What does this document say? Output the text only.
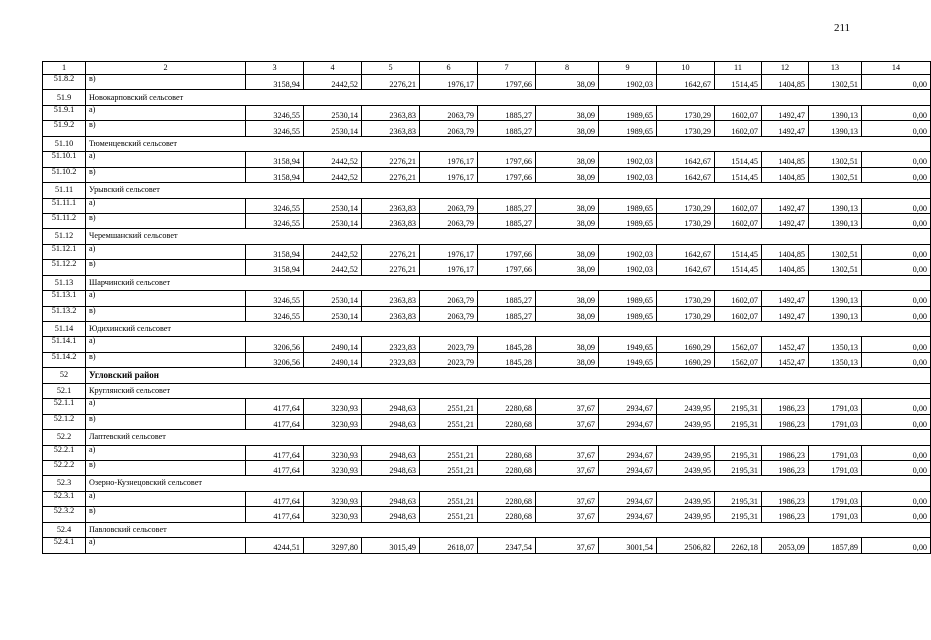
211
1	2	3	4	5	6	7	8	9	10	11	12	13	14
51.8.2	в)	3158,94	2442,52	2276,21	1976,17	1797,66	38,09	1902,03	1642,67	1514,45	1404,85	1302,51	0,00
51.9	Новокарповский сельсовет												
51.9.1	а)	3246,55	2530,14	2363,83	2063,79	1885,27	38,09	1989,65	1730,29	1602,07	1492,47	1390,13	0,00
51.9.2	в)	3246,55	2530,14	2363,83	2063,79	1885,27	38,09	1989,65	1730,29	1602,07	1492,47	1390,13	0,00
51.10	Тюменцевский сельсовет												
51.10.1	а)	3158,94	2442,52	2276,21	1976,17	1797,66	38,09	1902,03	1642,67	1514,45	1404,85	1302,51	0,00
51.10.2	в)	3158,94	2442,52	2276,21	1976,17	1797,66	38,09	1902,03	1642,67	1514,45	1404,85	1302,51	0,00
51.11	Урывский сельсовет												
51.11.1	а)	3246,55	2530,14	2363,83	2063,79	1885,27	38,09	1989,65	1730,29	1602,07	1492,47	1390,13	0,00
51.11.2	в)	3246,55	2530,14	2363,83	2063,79	1885,27	38,09	1989,65	1730,29	1602,07	1492,47	1390,13	0,00
51.12	Черемшанский сельсовет												
51.12.1	а)	3158,94	2442,52	2276,21	1976,17	1797,66	38,09	1902,03	1642,67	1514,45	1404,85	1302,51	0,00
51.12.2	в)	3158,94	2442,52	2276,21	1976,17	1797,66	38,09	1902,03	1642,67	1514,45	1404,85	1302,51	0,00
51.13	Шарчинский сельсовет												
51.13.1	а)	3246,55	2530,14	2363,83	2063,79	1885,27	38,09	1989,65	1730,29	1602,07	1492,47	1390,13	0,00
51.13.2	в)	3246,55	2530,14	2363,83	2063,79	1885,27	38,09	1989,65	1730,29	1602,07	1492,47	1390,13	0,00
51.14	Юдихинский сельсовет												
51.14.1	а)	3206,56	2490,14	2323,83	2023,79	1845,28	38,09	1949,65	1690,29	1562,07	1452,47	1350,13	0,00
51.14.2	в)	3206,56	2490,14	2323,83	2023,79	1845,28	38,09	1949,65	1690,29	1562,07	1452,47	1350,13	0,00
52	Угловский район												
52.1	Круглянский сельсовет												
52.1.1	а)	4177,64	3230,93	2948,63	2551,21	2280,68	37,67	2934,67	2439,95	2195,31	1986,23	1791,03	0,00
52.1.2	в)	4177,64	3230,93	2948,63	2551,21	2280,68	37,67	2934,67	2439,95	2195,31	1986,23	1791,03	0,00
52.2	Лаптевский сельсовет												
52.2.1	а)	4177,64	3230,93	2948,63	2551,21	2280,68	37,67	2934,67	2439,95	2195,31	1986,23	1791,03	0,00
52.2.2	в)	4177,64	3230,93	2948,63	2551,21	2280,68	37,67	2934,67	2439,95	2195,31	1986,23	1791,03	0,00
52.3	Озерно-Кузнецовский сельсовет												
52.3.1	а)	4177,64	3230,93	2948,63	2551,21	2280,68	37,67	2934,67	2439,95	2195,31	1986,23	1791,03	0,00
52.3.2	в)	4177,64	3230,93	2948,63	2551,21	2280,68	37,67	2934,67	2439,95	2195,31	1986,23	1791,03	0,00
52.4	Павловский сельсовет												
52.4.1	а)	4244,51	3297,80	3015,49	2618,07	2347,54	37,67	3001,54	2506,82	2262,18	2053,09	1857,89	0,00
